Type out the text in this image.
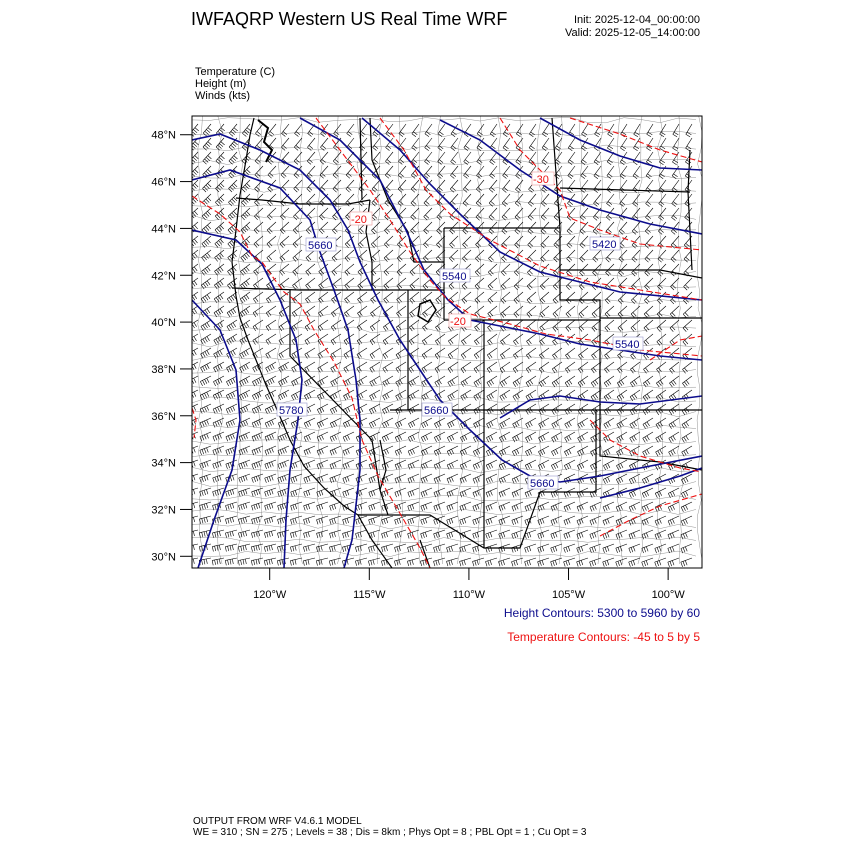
IWFAQRP Western US Real Time WRF	Init: 2025-12-04_00:00:00
Valid: 2025-12-05_14:00:00
Temperature (C)
Height (m)
Winds (kts)
5660
5540
5420
5780	5660
5540
5660
-20
-30
-20
48°N
46°N
44°N
42°N
40°N
38°N
36°N
34°N
32°N
30°N
120°W	115°W	110°W	105°W	100°W
Height Contours: 5300 to 5960 by 60
Temperature Contours: -45 to 5 by 5
OUTPUT FROM WRF V4.6.1 MODEL
WE = 310 ; SN = 275 ; Levels = 38 ; Dis = 8km ; Phys Opt = 8 ; PBL Opt = 1 ; Cu Opt = 3
